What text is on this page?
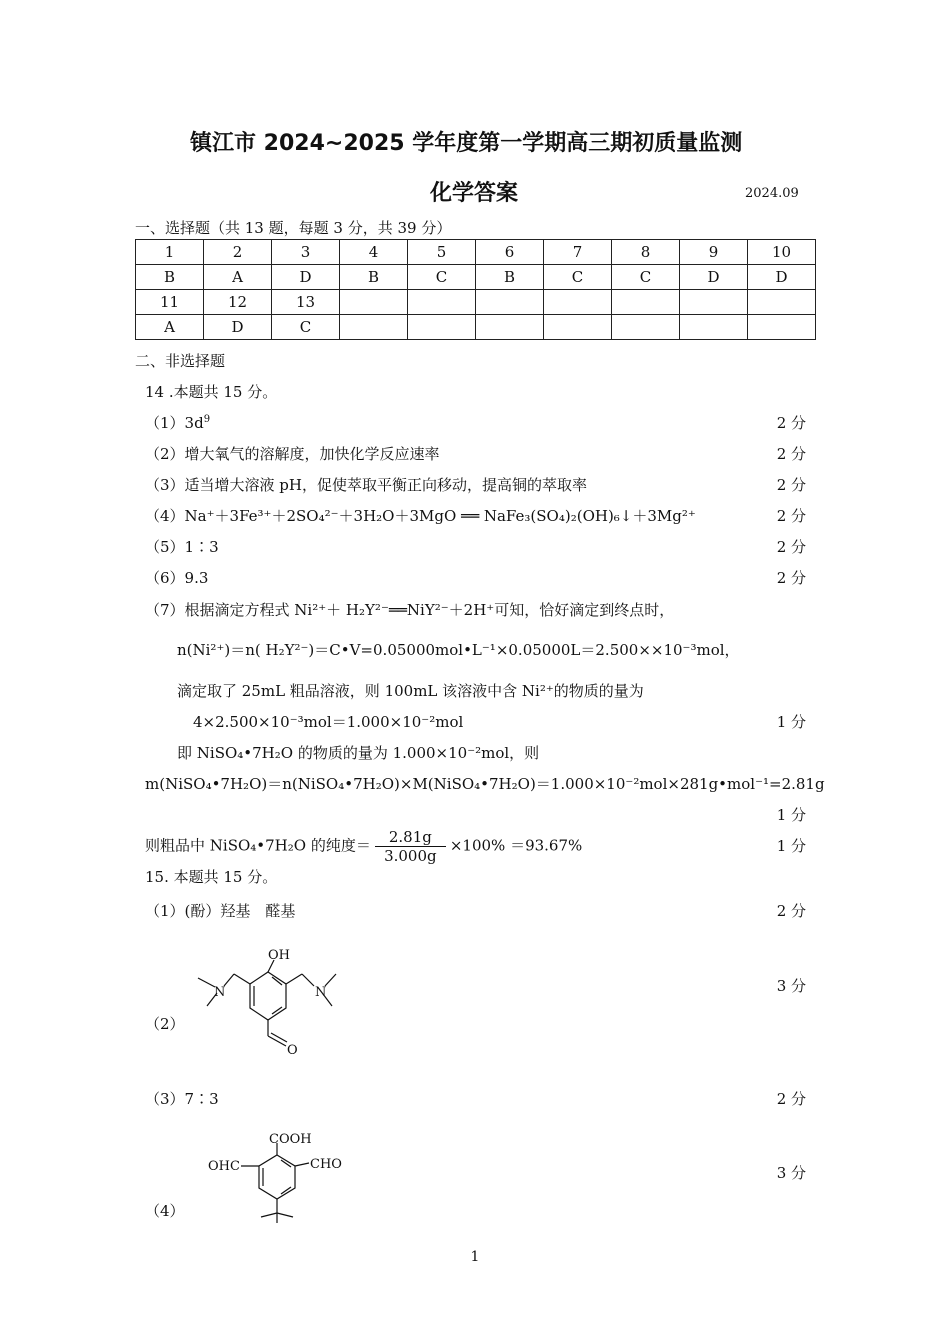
镇江市 2024~2025 学年度第一学期高三期初质量监测
化学答案	2024.09
一、选择题（共 13 题，每题 3 分，共 39 分）
1	2	3	4	5	6	7	8	9	10
B	A	D	B	C	B	C	C	D	D
11	12	13							
A	D	C							
二、非选择题
14 .本题共 15 分。
$(1)3d^9$	2 分
（2）增大氧气的溶解度，加快化学反应速率	2 分
（3）适当增大溶液 pH，促使萃取平衡正向移动，提高铜的萃取率	2 分
（4）Na⁺＋3Fe³⁺＋2SO₄²⁻＋3H₂O＋3MgO ══ NaFe₃(SO₄)₂(OH)₆↓＋3Mg²⁺	2 分
（5）1∶3	2 分
（6）9.3	2 分
（7）根据滴定方程式 Ni²⁺＋ H₂Y²⁻══NiY²⁻＋2H⁺可知，恰好滴定到终点时，
n(Ni²⁺)＝n( H₂Y²⁻)＝C•V=0.05000mol•L⁻¹×0.05000L＝2.500××10⁻³mol，
滴定取了 25mL 粗品溶液，则 100mL 该溶液中含 Ni²⁺的物质的量为
4×2.500×10⁻³mol＝1.000×10⁻²mol	1 分
即 NiSO₄•7H₂O 的物质的量为 1.000×10⁻²mol，则
m(NiSO₄•7H₂O)＝n(NiSO₄•7H₂O)×M(NiSO₄•7H₂O)＝1.000×10⁻²mol×281g•mol⁻¹=2.81g
1 分
则粗品中 NiSO₄•7H₂O 的纯度＝ $\frac{2.81g}{3.000g} \times 100\% =93.67\%$	1 分
15. 本题共 15 分。
（1）(酚）羟基　醛基	2 分
（2）
3 分
OH
N	N
O
（3）7∶3	2 分
（4）
3 分
COOH
OHC	CHO
1
